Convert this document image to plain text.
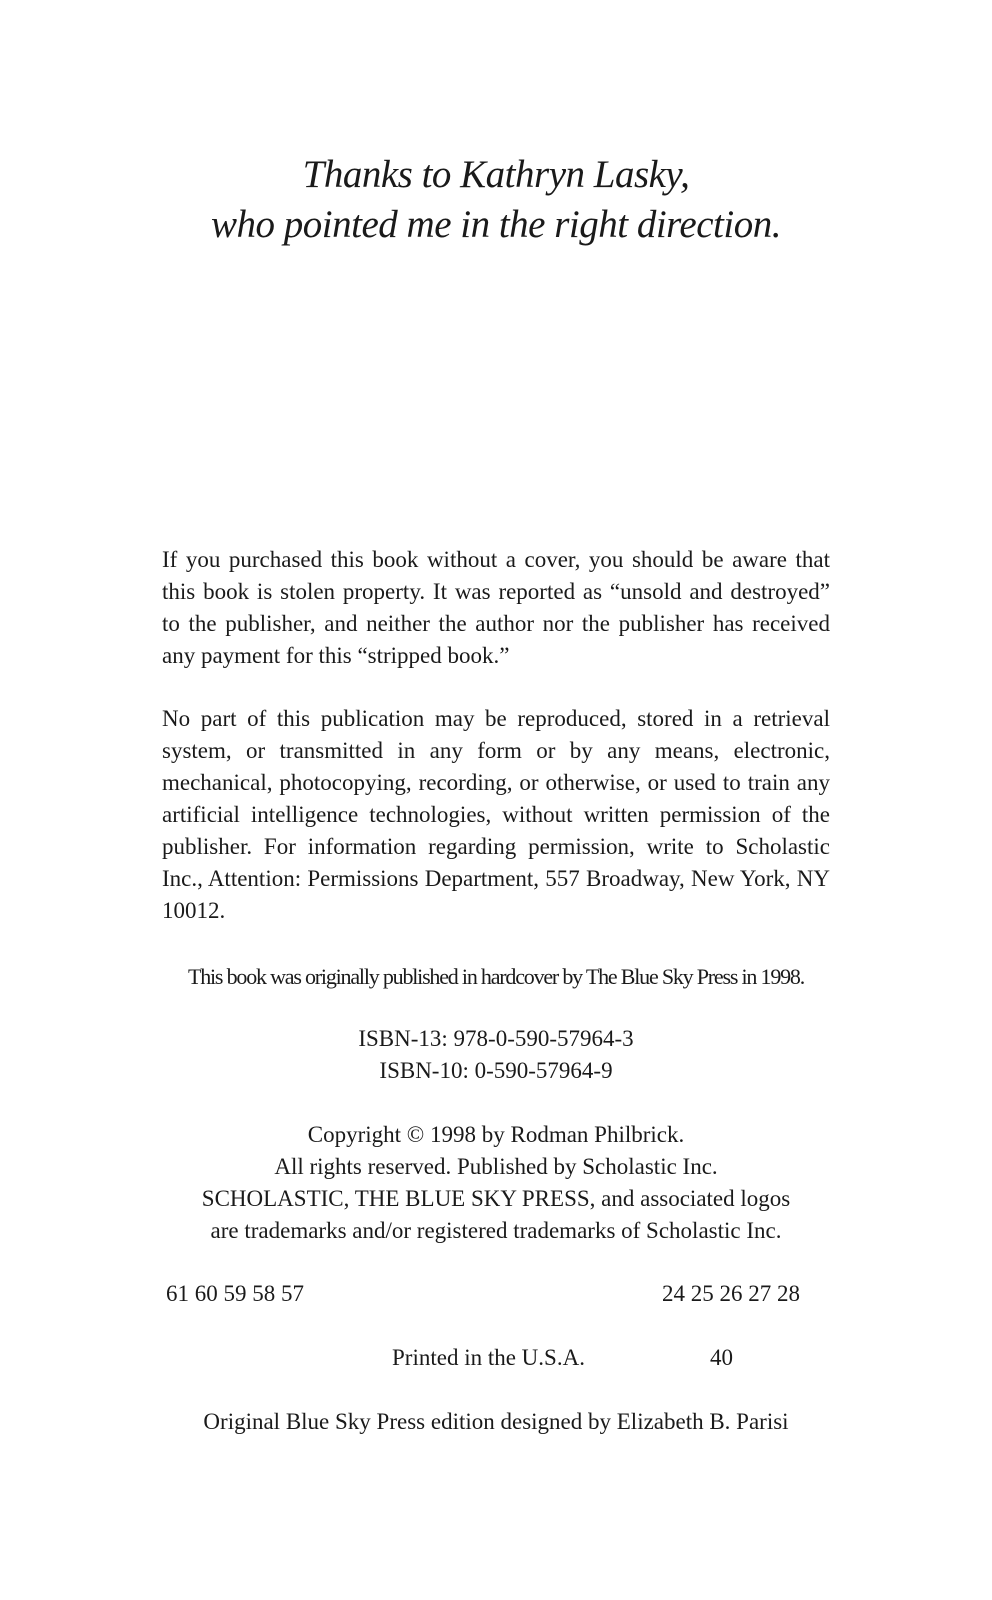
Thanks to Kathryn Lasky,
who pointed me in the right direction.

If you purchased this book without a cover, you should be aware that this book is stolen property. It was reported as “unsold and destroyed” to the publisher, and neither the author nor the publisher has received any payment for this “stripped book.”

No part of this publication may be reproduced, stored in a retrieval system, or transmitted in any form or by any means, electronic, mechanical, photocopying, recording, or otherwise, or used to train any artificial intelligence technologies, without written permission of the publisher. For information regarding permission, write to Scholastic Inc., Attention: Permissions Department, 557 Broadway, New York, NY 10012.

This book was originally published in hardcover by The Blue Sky Press in 1998.
ISBN-13: 978-0-590-57964-3
ISBN-10: 0-590-57964-9
Copyright © 1998 by Rodman Philbrick.
All rights reserved. Published by Scholastic Inc.
SCHOLASTIC, THE BLUE SKY PRESS, and associated logos
are trademarks and/or registered trademarks of Scholastic Inc.
61 60 59 58 57	24 25 26 27 28
Printed in the U.S.A.	40
Original Blue Sky Press edition designed by Elizabeth B. Parisi
